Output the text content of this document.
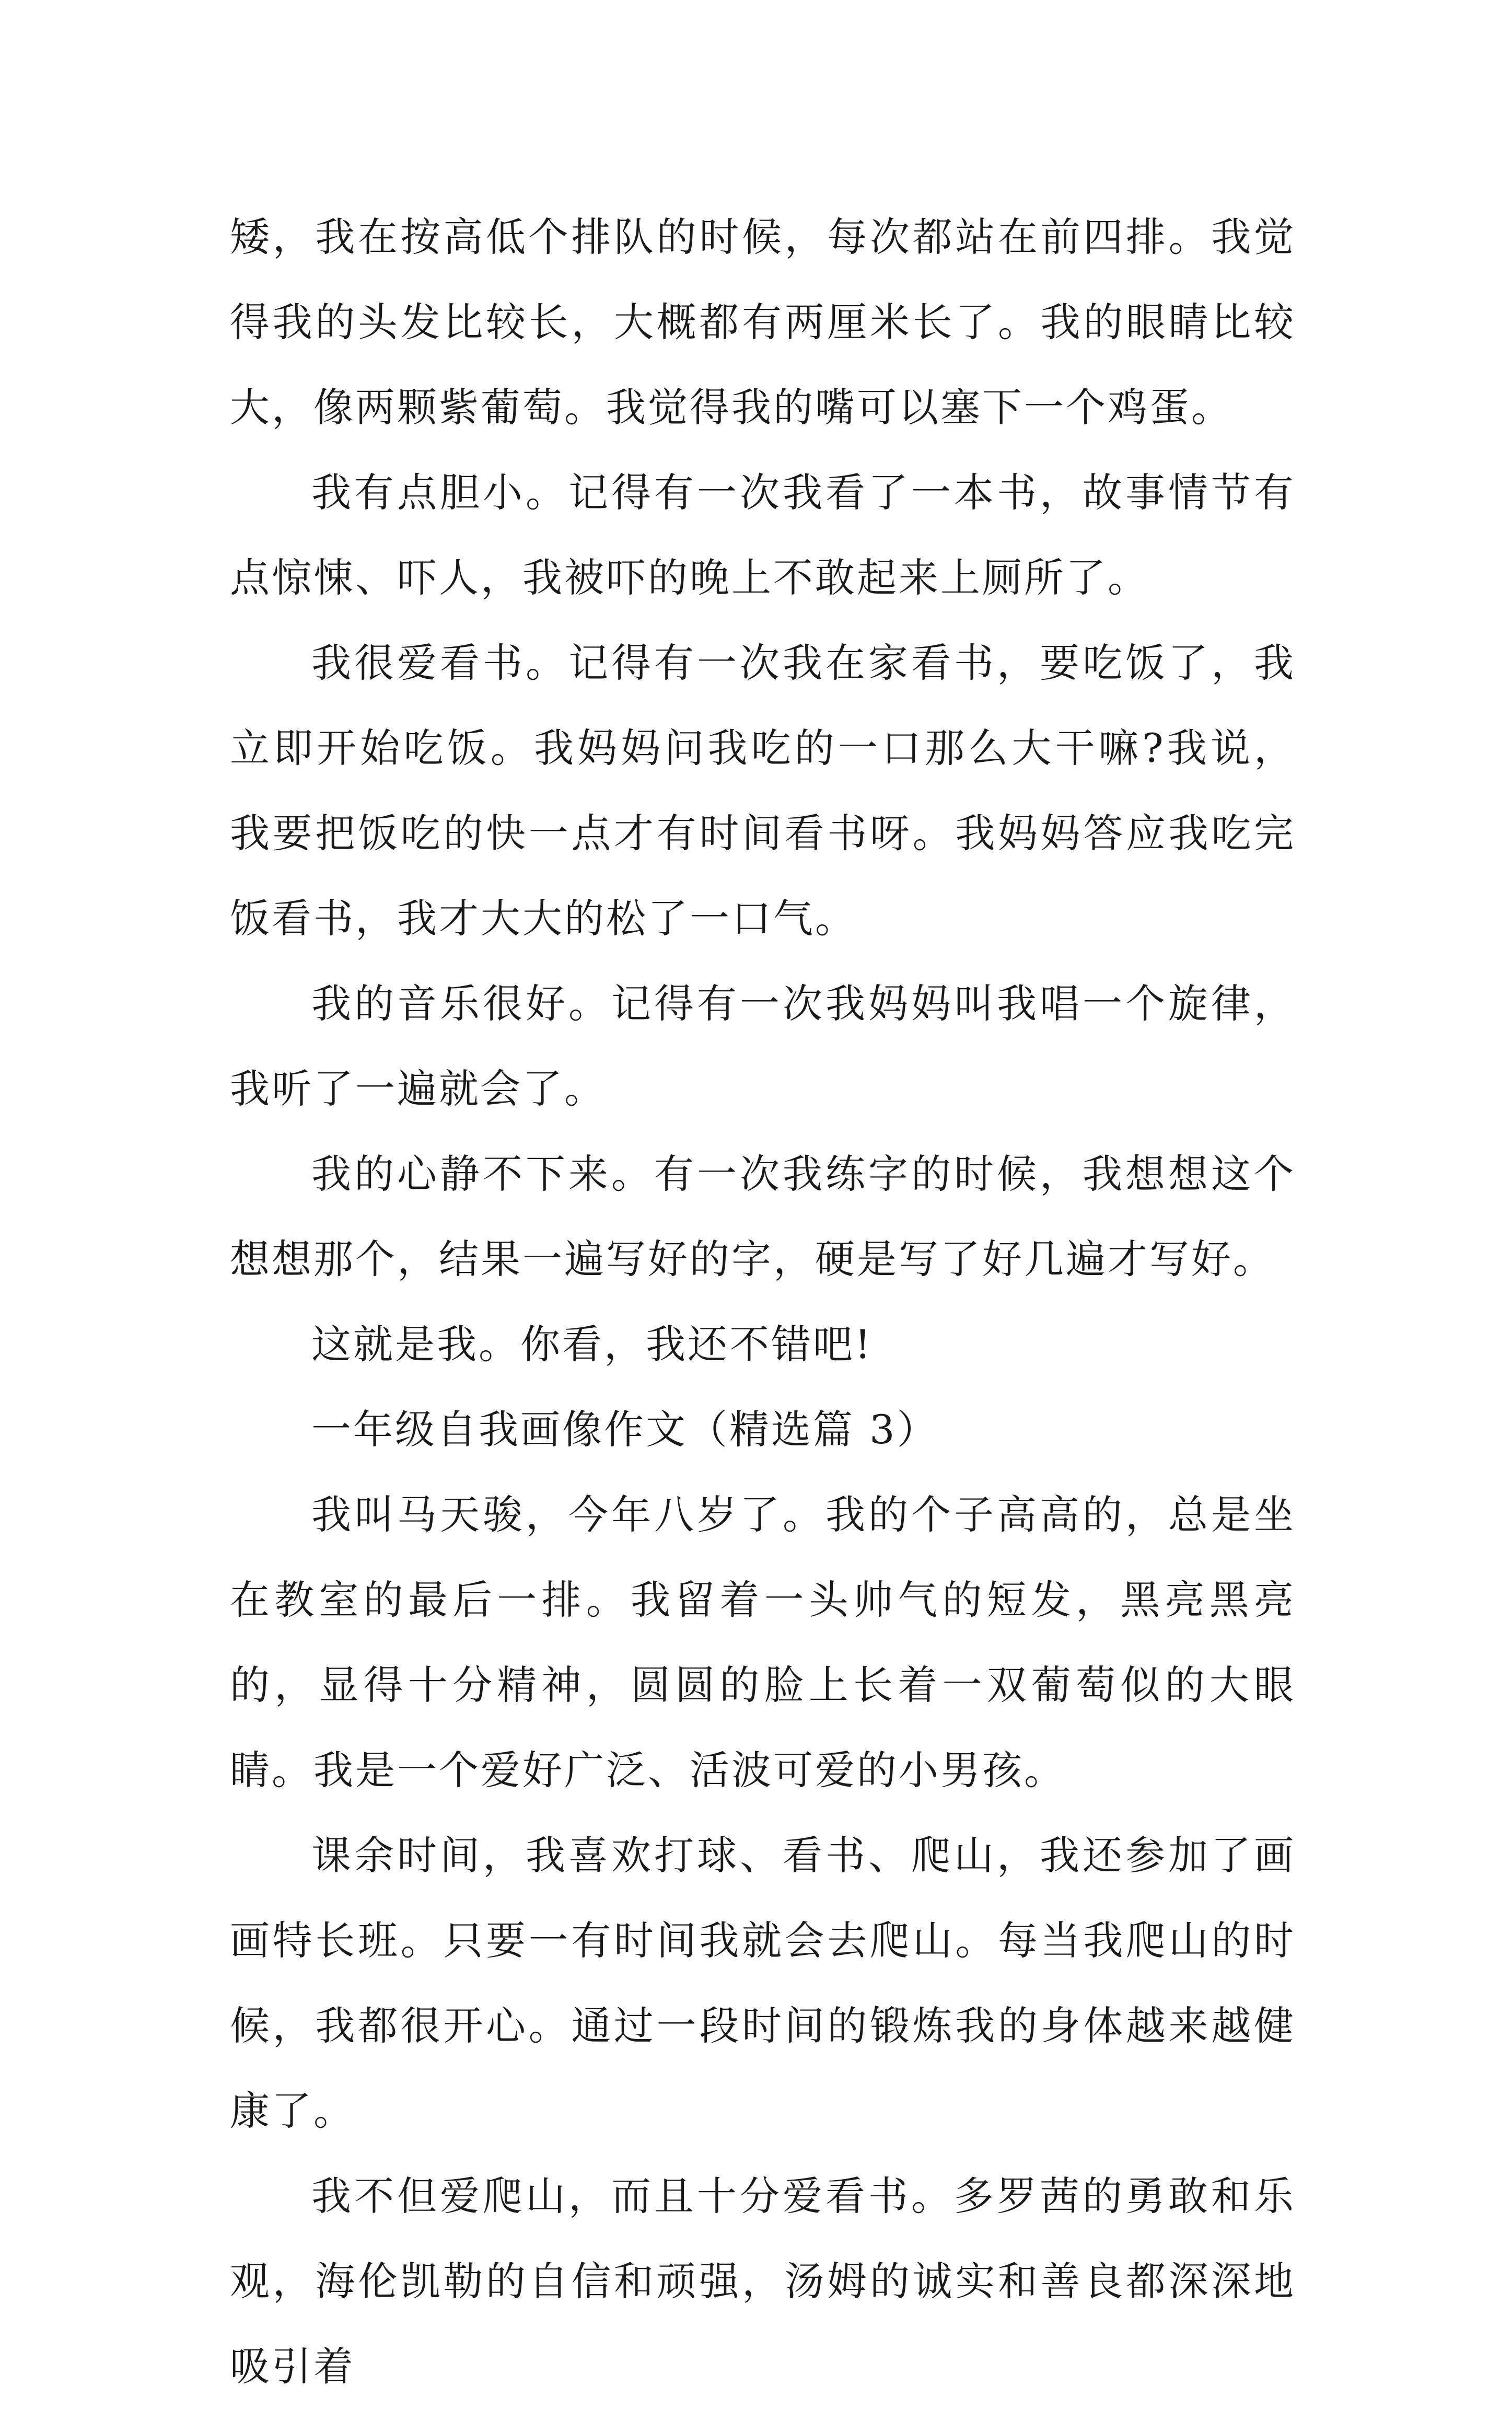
矮，我在按高低个排队的时候，每次都站在前四排。我觉得我的头发比较长，大概都有两厘米长了。我的眼睛比较大，像两颗紫葡萄。我觉得我的嘴可以塞下一个鸡蛋。

我有点胆小。记得有一次我看了一本书，故事情节有点惊悚、吓人，我被吓的晚上不敢起来上厕所了。

我很爱看书。记得有一次我在家看书，要吃饭了，我立即开始吃饭。我妈妈问我吃的一口那么大干嘛?我说，我要把饭吃的快一点才有时间看书呀。我妈妈答应我吃完饭看书，我才大大的松了一口气。

我的音乐很好。记得有一次我妈妈叫我唱一个旋律，我听了一遍就会了。

我的心静不下来。有一次我练字的时候，我想想这个想想那个，结果一遍写好的字，硬是写了好几遍才写好。

这就是我。你看，我还不错吧!

一年级自我画像作文（精选篇 3）

我叫马天骏，今年八岁了。我的个子高高的，总是坐在教室的最后一排。我留着一头帅气的短发，黑亮黑亮的，显得十分精神，圆圆的脸上长着一双葡萄似的大眼睛。我是一个爱好广泛、活波可爱的小男孩。

课余时间，我喜欢打球、看书、爬山，我还参加了画画特长班。只要一有时间我就会去爬山。每当我爬山的时候，我都很开心。通过一段时间的锻炼我的身体越来越健康了。

我不但爱爬山，而且十分爱看书。多罗茜的勇敢和乐观，海伦凯勒的自信和顽强，汤姆的诚实和善良都深深地吸引着
